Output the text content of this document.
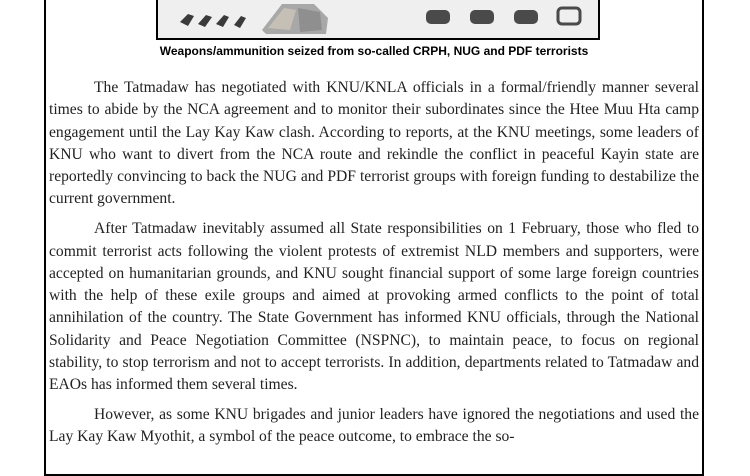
Weapons/ammunition seized from so-called CRPH, NUG and PDF terrorists

The Tatmadaw has negotiated with KNU/KNLA officials in a formal/friendly manner several times to abide by the NCA agreement and to monitor their subordinates since the Htee Muu Hta camp engagement until the Lay Kay Kaw clash. According to reports, at the KNU meetings, some leaders of KNU who want to divert from the NCA route and rekindle the conflict in peaceful Kayin state are reportedly convincing to back the NUG and PDF terrorist groups with foreign funding to destabilize the current government.

After Tatmadaw inevitably assumed all State responsibilities on 1 February, those who fled to commit terrorist acts following the violent protests of extremist NLD members and supporters, were accepted on humanitarian grounds, and KNU sought financial support of some large foreign countries with the help of these exile groups and aimed at provoking armed conflicts to the point of total annihilation of the country. The State Government has informed KNU officials, through the National Solidarity and Peace Negotiation Committee (NSPNC), to maintain peace, to focus on regional stability, to stop terrorism and not to accept terrorists. In addition, departments related to Tatmadaw and EAOs has informed them several times.

However, as some KNU brigades and junior leaders have ignored the negotiations and used the Lay Kay Kaw Myothit, a symbol of the peace outcome, to embrace the so-
